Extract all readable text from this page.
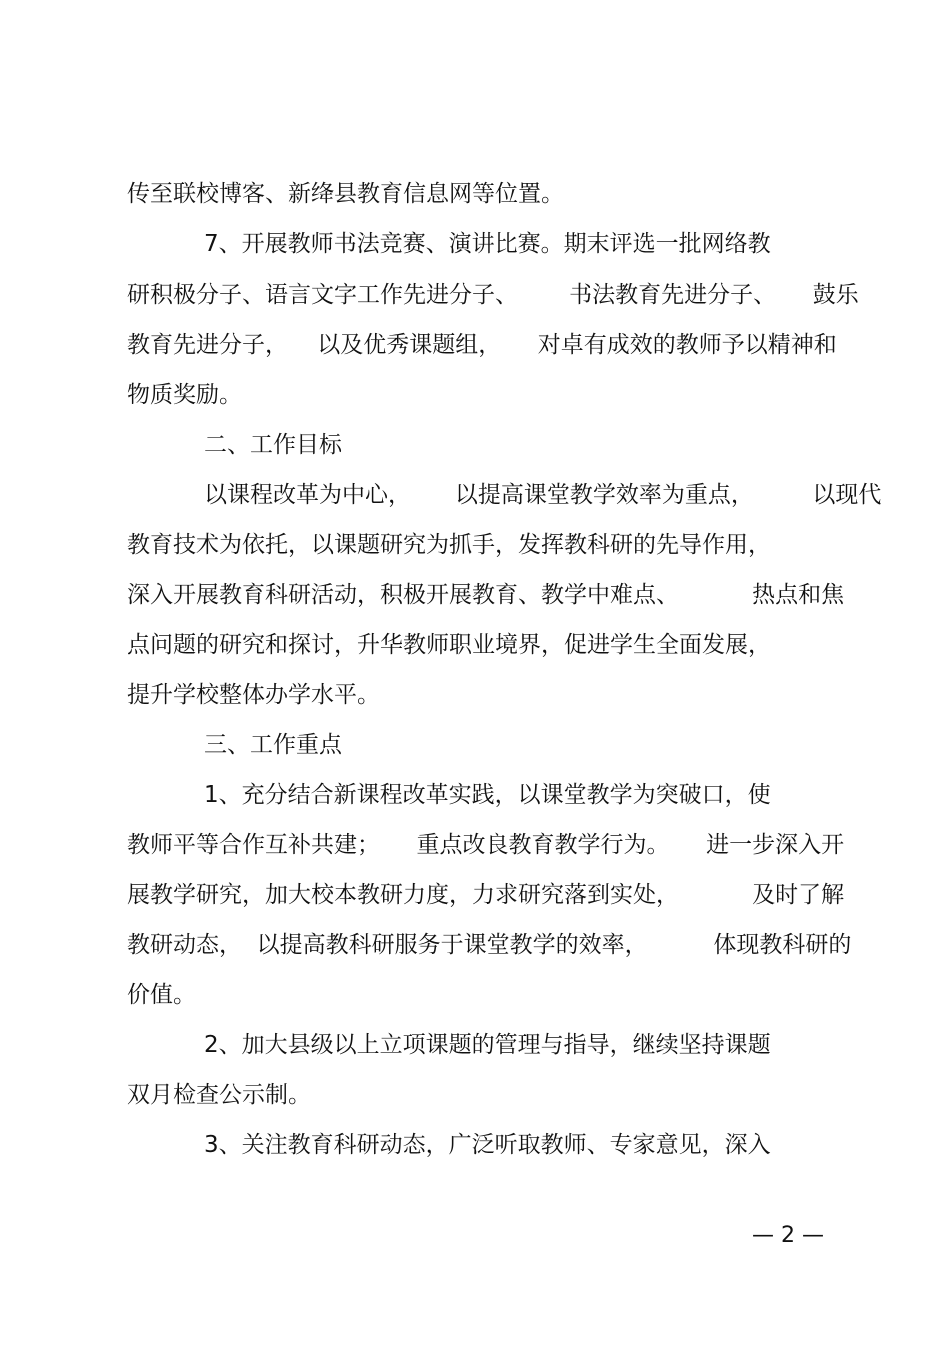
传至联校博客、新绛县教育信息网等位置。
7、开展教师书法竞赛、演讲比赛。期末评选一批网络教
研积极分子、语言文字工作先进分子、       书法教育先进分子、     鼓乐
教育先进分子，    以及优秀课题组，     对卓有成效的教师予以精神和
物质奖励。
二、工作目标
以课程改革为中心，      以提高课堂教学效率为重点，        以现代
教育技术为依托，以课题研究为抓手，发挥教科研的先导作用，
深入开展教育科研活动，积极开展教育、教学中难点、          热点和焦
点问题的研究和探讨，升华教师职业境界，促进学生全面发展，
提升学校整体办学水平。
三、工作重点
1、充分结合新课程改革实践，以课堂教学为突破口，使
教师平等合作互补共建；     重点改良教育教学行为。     进一步深入开
展教学研究，加大校本教研力度，力求研究落到实处，          及时了解
教研动态，  以提高教科研服务于课堂教学的效率，         体现教科研的
价值。
2、加大县级以上立项课题的管理与指导，继续坚持课题
双月检查公示制。
3、关注教育科研动态，广泛听取教师、专家意见，深入
— 2 —
